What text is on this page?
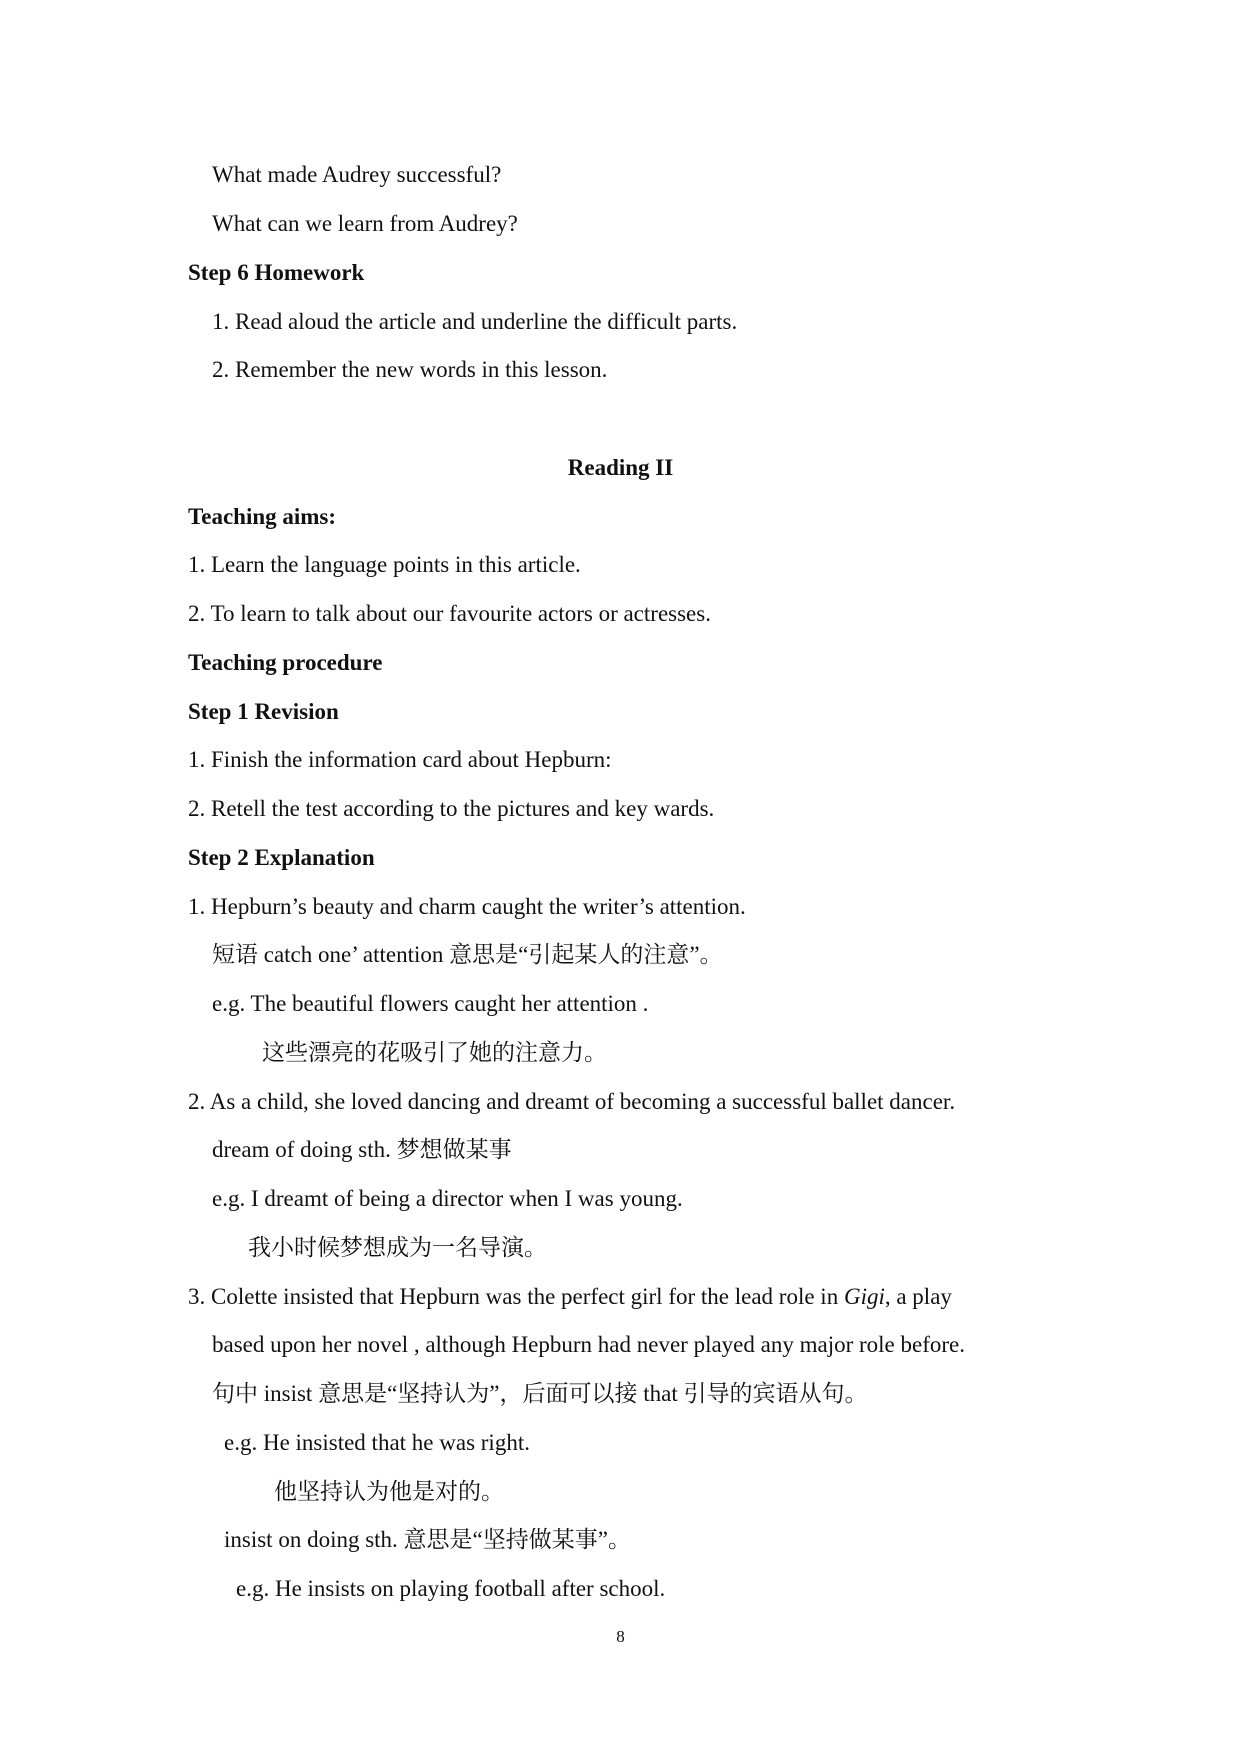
What made Audrey successful?
What can we learn from Audrey?
Step 6 Homework
1. Read aloud the article and underline the difficult parts.
2. Remember the new words in this lesson.
Reading II
Teaching aims:
1. Learn the language points in this article.
2. To learn to talk about our favourite actors or actresses.
Teaching procedure
Step 1 Revision
1. Finish the information card about Hepburn:
2. Retell the test according to the pictures and key wards.
Step 2 Explanation
1. Hepburn’s beauty and charm caught the writer’s attention.
短语 catch one’ attention 意思是“引起某人的注意”。
e.g. The beautiful flowers caught her attention .
这些漂亮的花吸引了她的注意力。
2. As a child, she loved dancing and dreamt of becoming a successful ballet dancer.
dream of doing sth. 梦想做某事
e.g. I dreamt of being a director when I was young.
我小时候梦想成为一名导演。
3. Colette insisted that Hepburn was the perfect girl for the lead role in Gigi, a play
based upon her novel , although Hepburn had never played any major role before.
句中 insist 意思是“坚持认为”，后面可以接 that 引导的宾语从句。
e.g. He insisted that he was right.
他坚持认为他是对的。
insist on doing sth. 意思是“坚持做某事”。
e.g. He insists on playing football after school.
8
